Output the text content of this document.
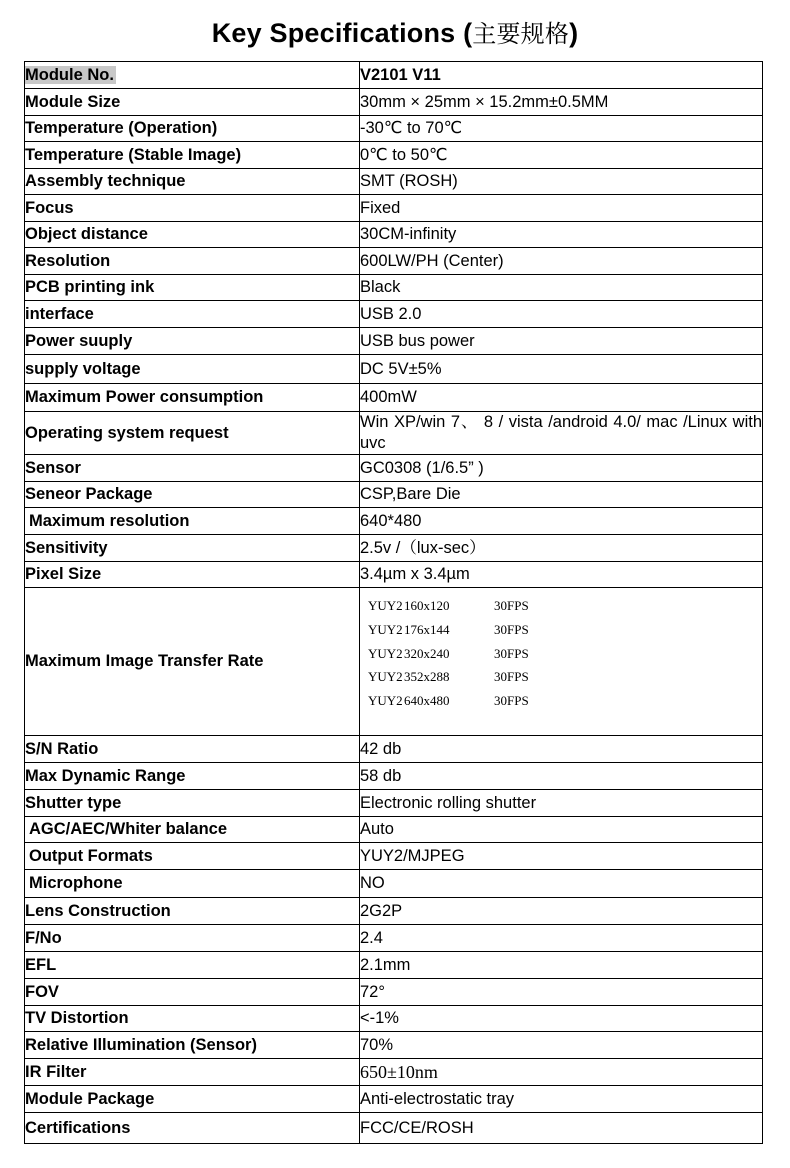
Key Specifications (主要规格)
Module No.	V2101 V11
Module Size	30mm × 25mm × 15.2mm±0.5MM
Temperature (Operation)	-30℃ to 70℃
Temperature (Stable Image)	0℃ to 50℃
Assembly technique	SMT (ROSH)
Focus	Fixed
Object distance	30CM-infinity
Resolution	600LW/PH (Center)
PCB printing ink	Black
interface	USB 2.0
Power suuply	USB bus power
supply voltage	DC 5V±5%
Maximum Power consumption	400mW
Operating system request	Win XP/win 7、 8 / vista /android 4.0/ mac /Linux with uvc
Sensor	GC0308 (1/6.5” )
Seneor Package	CSP,Bare Die
Maximum resolution	640*480
Sensitivity	2.5v /（lux-sec）
Pixel Size	3.4µm x 3.4µm
Maximum Image Transfer Rate	YUY2160x120 30FPS
YUY2176x144 30FPS
YUY2320x240 30FPS
YUY2352x288 30FPS
YUY2640x480 30FPS

S/N Ratio	42 db
Max Dynamic Range	58 db
Shutter type	Electronic rolling shutter
AGC/AEC/Whiter balance	Auto
Output Formats	YUY2/MJPEG
Microphone	NO
Lens Construction	2G2P
F/No	2.4
EFL	2.1mm
FOV	72°
TV Distortion	<-1%
Relative Illumination (Sensor)	70%
IR Filter	650±10nm
Module Package	Anti-electrostatic tray
Certifications	FCC/CE/ROSH
